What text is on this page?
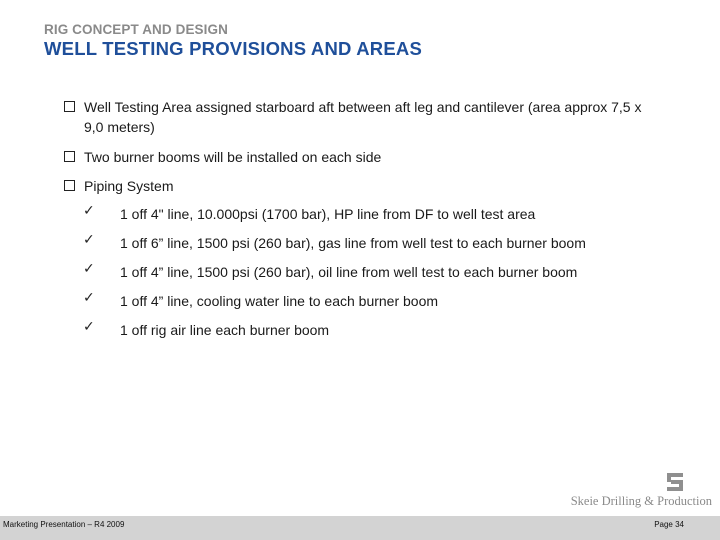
RIG CONCEPT AND DESIGN
WELL TESTING PROVISIONS AND AREAS
Well Testing Area assigned starboard aft between aft leg and cantilever (area approx 7,5 x 9,0 meters)
Two burner booms will be installed on each side
Piping System
✓ 1 off 4" line, 10.000psi (1700 bar), HP line from DF to well test area
✓ 1 off 6” line, 1500 psi (260 bar), gas line from well test to each burner boom
✓ 1 off 4” line, 1500 psi (260 bar), oil line from well test to each burner boom
✓ 1 off 4” line, cooling water line to each burner boom
✓ 1 off rig air line each burner boom
Skeie Drilling & Production
Marketing Presentation – R4 2009	Page 34
